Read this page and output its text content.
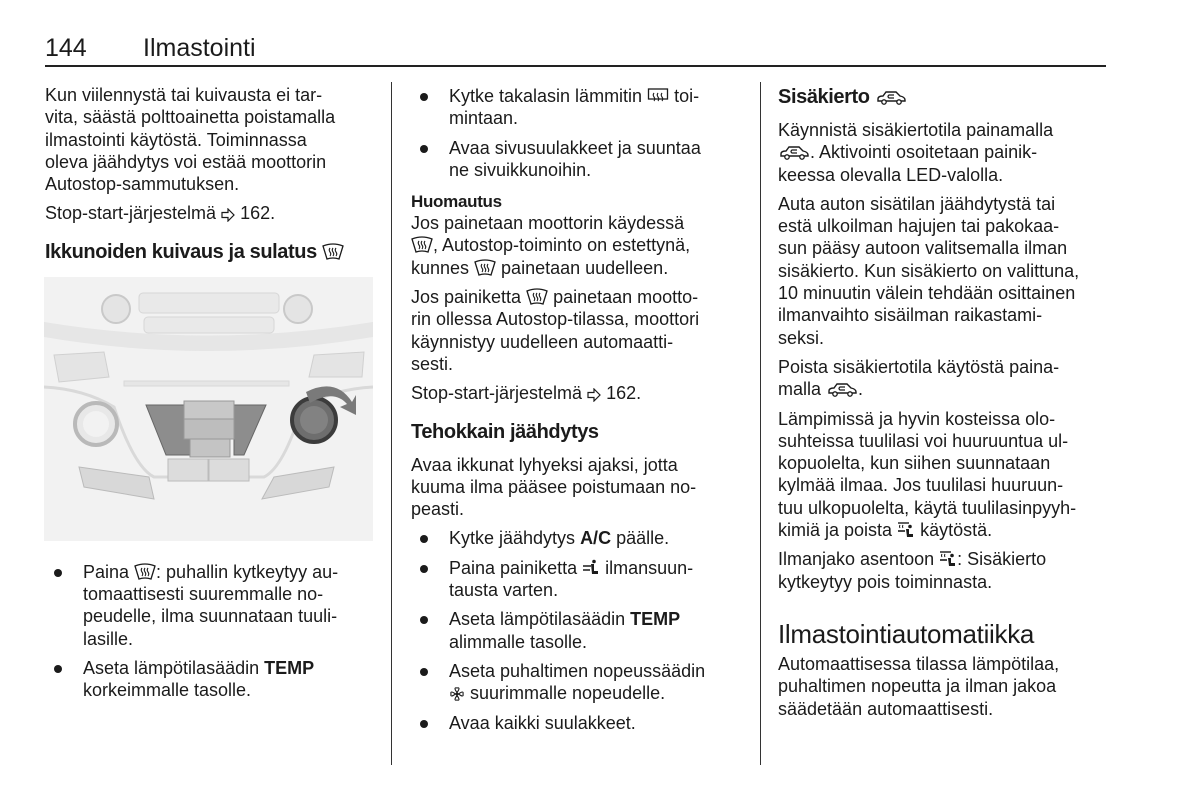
144 Ilmastointi
Kun viilennystä tai kuivausta ei tar-
vita, säästä polttoainetta poistamalla
ilmastointi käytöstä. Toiminnassa
oleva jäähdytys voi estää moottorin
Autostop-sammutuksen.
Stop-start-järjestelmä
162.
Ikkunoiden kuivaus ja sulatus
Paina
: puhallin kytkeytyy au-
tomaattisesti suuremmalle no-
peudelle, ilma suunnataan tuuli-
lasille.
Aseta lämpötilasäädin TEMP
korkeimmalle tasolle.
Kytke takalasin lämmitin
toi-
mintaan.
Avaa sivusuulakkeet ja suuntaa
ne sivuikkunoihin.
Huomautus
Jos painetaan moottorin käydessä
, Autostop-toiminto on estettynä,
kunnes
painetaan uudelleen.
Jos painiketta
painetaan mootto-
rin ollessa Autostop-tilassa, moottori
käynnistyy uudelleen automaatti-
sesti.
Stop-start-järjestelmä
162.
Tehokkain jäähdytys
Avaa ikkunat lyhyeksi ajaksi, jotta
kuuma ilma pääsee poistumaan no-
peasti.
Kytke jäähdytys A/C päälle.
Paina painiketta
ilmansuun-
tausta varten.
Aseta lämpötilasäädin TEMP
alimmalle tasolle.
Aseta puhaltimen nopeussäädin
suurimmalle nopeudelle.
Avaa kaikki suulakkeet.
Sisäkierto
Käynnistä sisäkiertotila painamalla
. Aktivointi osoitetaan painik-
keessa olevalla LED-valolla.
Auta auton sisätilan jäähdytystä tai
estä ulkoilman hajujen tai pakokaa-
sun pääsy autoon valitsemalla ilman
sisäkierto. Kun sisäkierto on valittuna,
10 minuutin välein tehdään osittainen
ilmanvaihto sisäilman raikastami-
seksi.
Poista sisäkiertotila käytöstä paina-
malla
.
Lämpimissä ja hyvin kosteissa olo-
suhteissa tuulilasi voi huuruuntua ul-
kopuolelta, kun siihen suunnataan
kylmää ilmaa. Jos tuulilasi huuruun-
tuu ulkopuolelta, käytä tuulilasinpyyh-
kimiä ja poista
käytöstä.
Ilmanjako asentoon
: Sisäkierto
kytkeytyy pois toiminnasta.
Ilmastointiautomatiikka
Automaattisessa tilassa lämpötilaa,
puhaltimen nopeutta ja ilman jakoa
säädetään automaattisesti.
